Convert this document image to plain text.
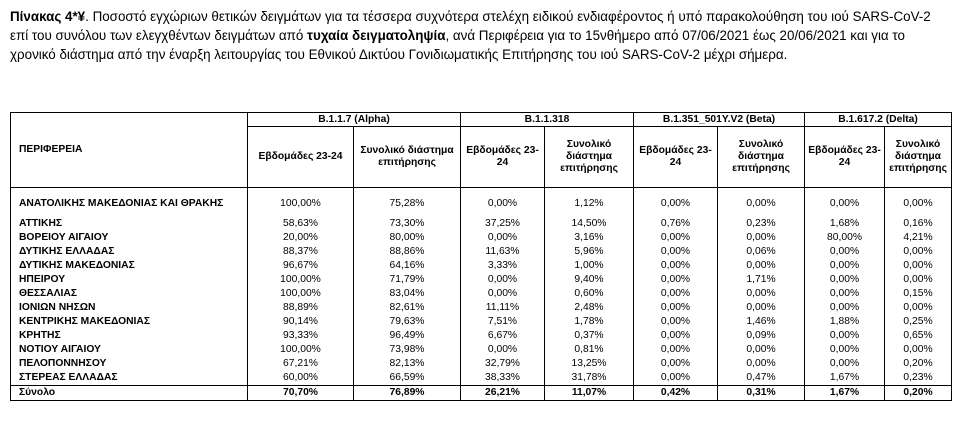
Πίνακας 4*¥. Ποσοστό εγχώριων θετικών δειγμάτων για τα τέσσερα συχνότερα στελέχη ειδικού ενδιαφέροντος ή υπό παρακολούθηση του ιού SARS-CoV-2 επί του συνόλου των ελεγχθέντων δειγμάτων από τυχαία δειγματοληψία, ανά Περιφέρεια για το 15νθήμερο από 07/06/2021 έως 20/06/2021 και για το χρονικό διάστημα από την έναρξη λειτουργίας του Εθνικού Δικτύου Γονιδιωματικής Επιτήρησης του ιού SARS-CoV-2 μέχρι σήμερα.
ΠΕΡΙΦΕΡΕΙΑ	B.1.1.7 (Alpha)		B.1.1.318		B.1.351_501Y.V2 (Beta)		B.1.617.2 (Delta)	
	Εβδομάδες 23-24	Συνολικό διάστημα επιτήρησης	Εβδομάδες 23-24	Συνολικό διάστημα επιτήρησης	Εβδομάδες 23-24	Συνολικό διάστημα επιτήρησης	Εβδομάδες 23-24	Συνολικό διάστημα επιτήρησης
ΑΝΑΤΟΛΙΚΗΣ ΜΑΚΕΔΟΝΙΑΣ ΚΑΙ ΘΡΑΚΗΣ	100,00%	75,28%	0,00%	1,12%	0,00%	0,00%	0,00%	0,00%
ΑΤΤΙΚΗΣ	58,63%	73,30%	37,25%	14,50%	0,76%	0,23%	1,68%	0,16%
ΒΟΡΕΙΟΥ ΑΙΓΑΙΟΥ	20,00%	80,00%	0,00%	3,16%	0,00%	0,00%	80,00%	4,21%
ΔΥΤΙΚΗΣ ΕΛΛΑΔΑΣ	88,37%	88,86%	11,63%	5,96%	0,00%	0,06%	0,00%	0,00%
ΔΥΤΙΚΗΣ ΜΑΚΕΔΟΝΙΑΣ	96,67%	64,16%	3,33%	1,00%	0,00%	0,00%	0,00%	0,00%
ΗΠΕΙΡΟΥ	100,00%	71,79%	0,00%	9,40%	0,00%	1,71%	0,00%	0,00%
ΘΕΣΣΑΛΙΑΣ	100,00%	83,04%	0,00%	0,60%	0,00%	0,00%	0,00%	0,15%
ΙΟΝΙΩΝ ΝΗΣΩΝ	88,89%	82,61%	11,11%	2,48%	0,00%	0,00%	0,00%	0,00%
ΚΕΝΤΡΙΚΗΣ ΜΑΚΕΔΟΝΙΑΣ	90,14%	79,63%	7,51%	1,78%	0,00%	1,46%	1,88%	0,25%
ΚΡΗΤΗΣ	93,33%	96,49%	6,67%	0,37%	0,00%	0,09%	0,00%	0,65%
ΝΟΤΙΟΥ ΑΙΓΑΙΟΥ	100,00%	73,98%	0,00%	0,81%	0,00%	0,00%	0,00%	0,00%
ΠΕΛΟΠΟΝΝΗΣΟΥ	67,21%	82,13%	32,79%	13,25%	0,00%	0,00%	0,00%	0,20%
ΣΤΕΡΕΑΣ ΕΛΛΑΔΑΣ	60,00%	66,59%	38,33%	31,78%	0,00%	0,47%	1,67%	0,23%
Σύνολο	70,70%	76,89%	26,21%	11,07%	0,42%	0,31%	1,67%	0,20%
